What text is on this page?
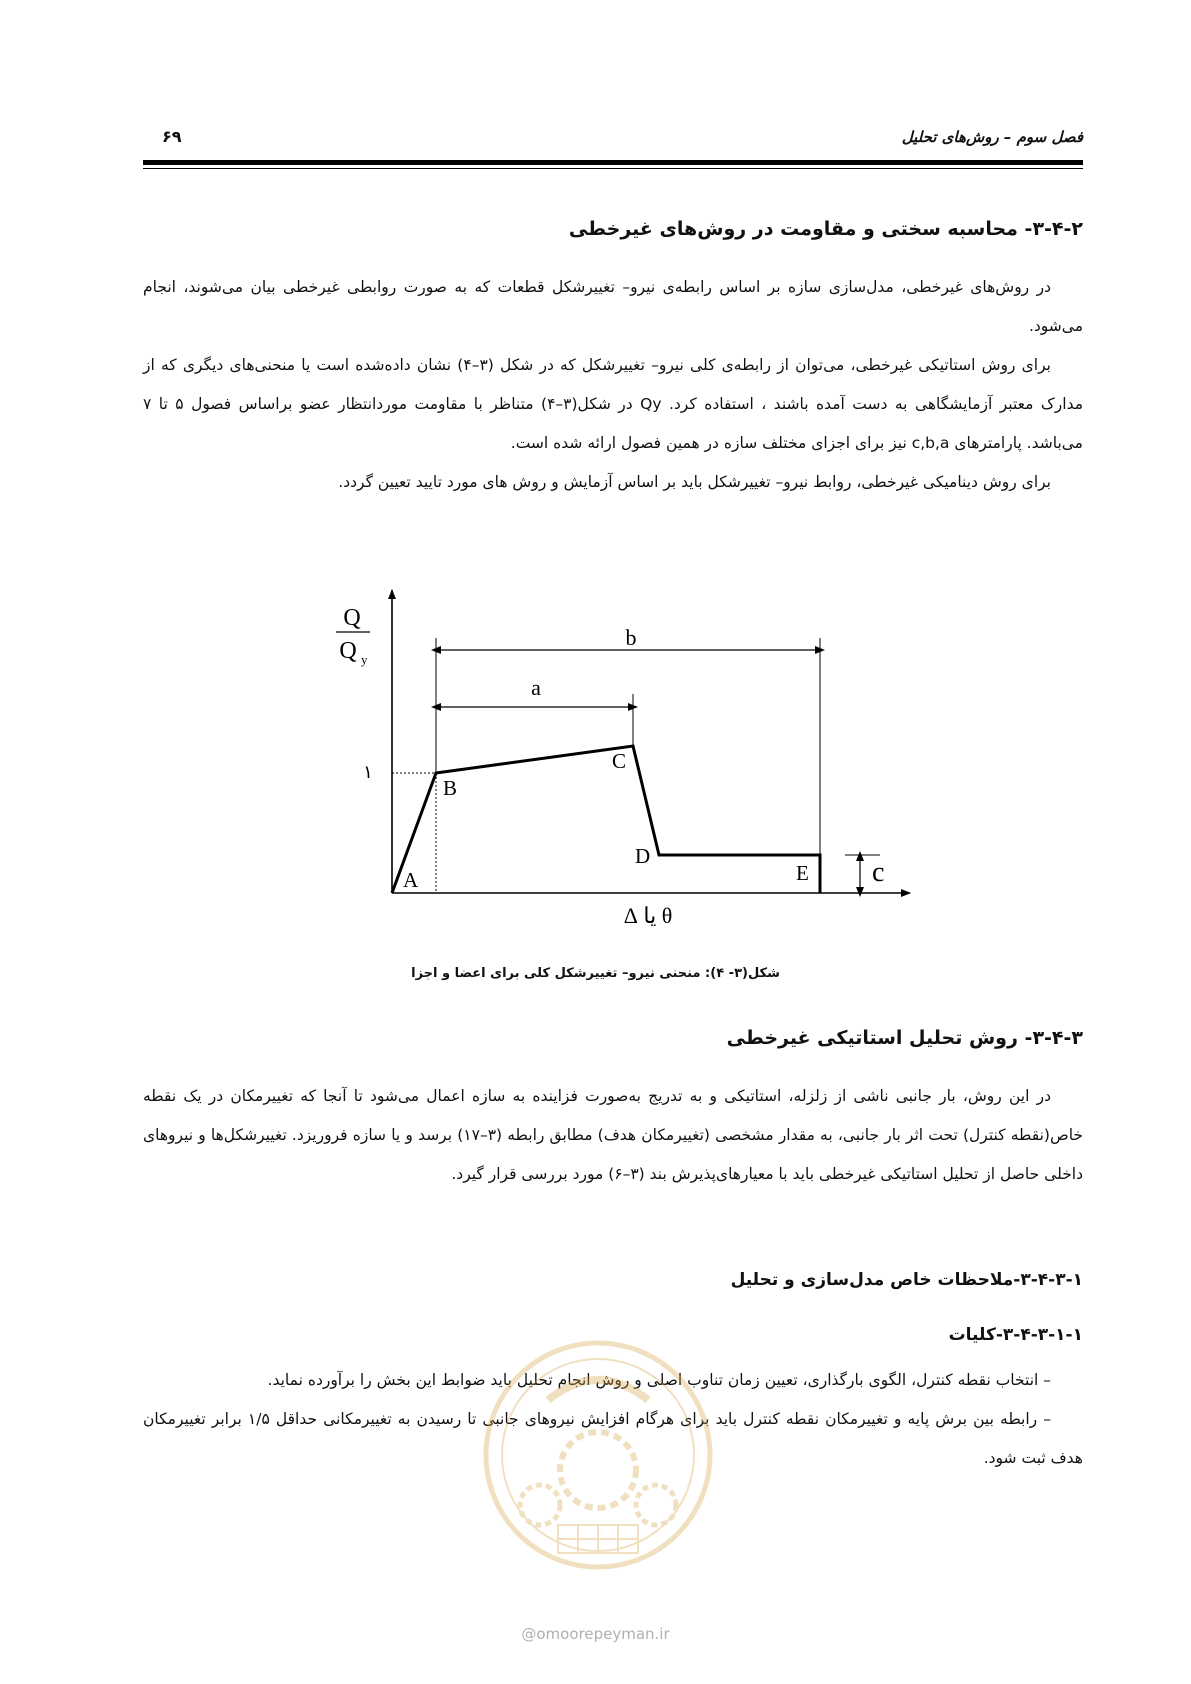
فصل سوم – روش‌های تحلیل
۶۹
۳-۴-۲- محاسبه سختی و مقاومت در روش‌های غیرخطی

در روش‌های غیرخطی، مدل‌سازی سازه بر اساس رابطه‌ی نیرو– تغییرشکل قطعات که به صورت روابطی غیرخطی بیان می‌شوند، انجام می‌شود.

برای روش استاتیکی غیرخطی، می‌توان از رابطه‌ی کلی نیرو– تغییرشکل که در شکل (۳–۴) نشان داده‌شده است یا منحنی‌های دیگری که از مدارک معتبر آزمایشگاهی به دست آمده باشند ، استفاده کرد. Qy در شکل(۳–۴) متناظر با مقاومت موردانتظار عضو براساس فصول ۵ تا ۷ می‌باشد. پارامترهای c,b,a نیز برای اجزای مختلف سازه در همین فصول ارائه شده است.

برای روش دینامیکی غیرخطی، روابط نیرو– تغییرشکل باید بر اساس آزمایش و روش های مورد تایید تعیین گردد.

Q
Q y
۱
b
a
c
A
B
C
D
E
θ یا Δ
شکل(۳- ۴): منحنی نیرو– تغییرشکل کلی برای اعضا و اجزا
۳-۴-۳- روش تحلیل استاتیکی غیرخطی

در این روش، بار جانبی ناشی از زلزله، استاتیکی و به تدریج به‌صورت فزاینده به سازه اعمال می‌شود تا آنجا که تغییرمکان در یک نقطه خاص(نقطه کنترل) تحت اثر بار جانبی، به مقدار مشخصی (تغییرمکان هدف) مطابق رابطه (۳–۱۷) برسد و یا سازه فروریزد. تغییرشکل‌ها و نیروهای داخلی حاصل از تحلیل استاتیکی غیرخطی باید با معیارهای‌پذیرش بند (۳–۶) مورد بررسی قرار گیرد.

۳-۴-۳-۱-ملاحظات خاص مدل‌سازی و تحلیل
۳-۴-۳-۱-۱-کلیات

– انتخاب نقطه کنترل، الگوی بارگذاری، تعیین زمان تناوب اصلی و روش انجام تحلیل باید ضوابط این بخش را برآورده نماید.

– رابطه بین برش پایه و تغییرمکان نقطه کنترل باید برای هرگام افزایش نیروهای جانبی تا رسیدن به تغییرمکانی حداقل ۱/۵ برابر تغییرمکان هدف ثبت شود.

@omoorepeyman.ir
